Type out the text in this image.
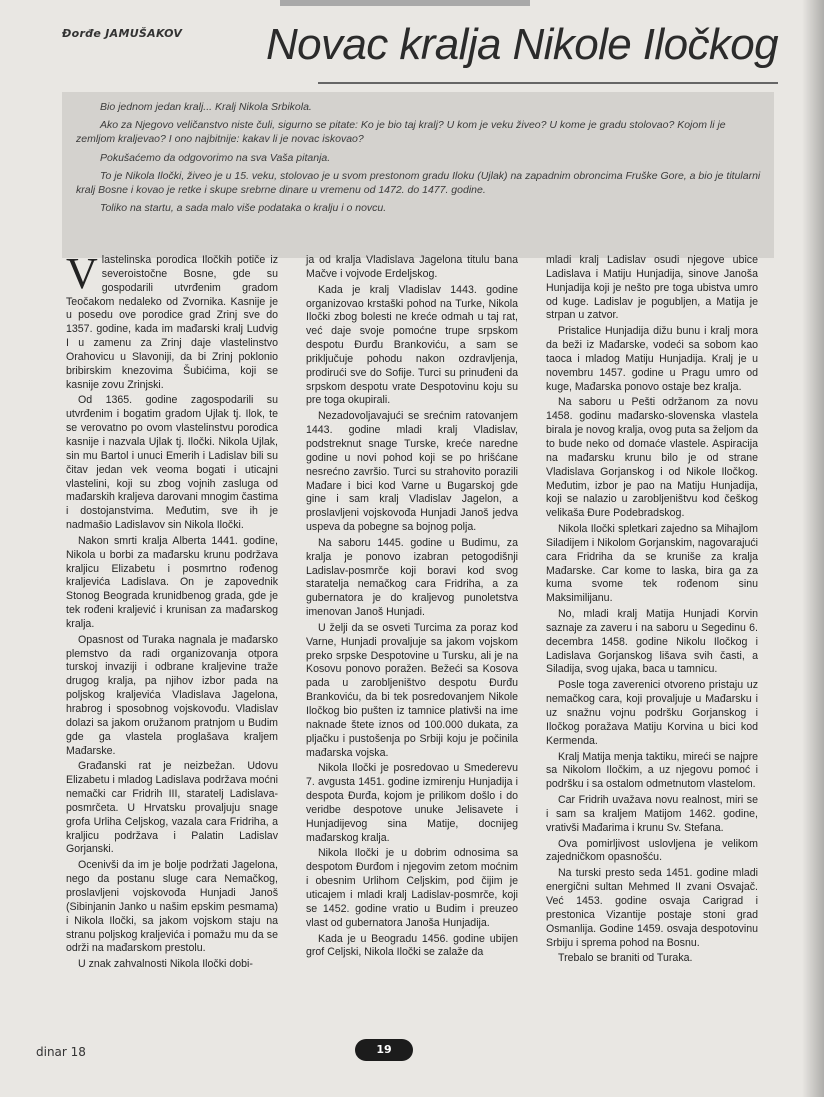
Đorđe JAMUŠAKOV Novac kralja Nikole Iločkog

Bio jednom jedan kralj... Kralj Nikola Srbikola.

Ako za Njegovo veličanstvo niste čuli, sigurno se pitate: Ko je bio taj kralj? U kom je veku živeo? U kome je gradu stolovao? Kojom li je zemljom kraljevao? I ono najbitnije: kakav li je novac iskovao?

Pokušaćemo da odgovorimo na sva Vaša pitanja.

To je Nikola Iločki, živeo je u 15. veku, stolovao je u svom prestonom gradu Iloku (Ujlak) na zapadnim obroncima Fruške Gore, a bio je titularni kralj Bosne i kovao je retke i skupe srebrne dinare u vremenu od 1472. do 1477. godine.

Toliko na startu, a sada malo više podataka o kralju i o novcu.

Vlastelinska porodica Iločkih potiče iz severoistočne Bosne, gde su gospodarili utvrđenim gradom Teočakom nedaleko od Zvornika. Kasnije je u posedu ove porodice grad Zrinj sve do 1357. godine, kada im mađarski kralj Ludvig I u zamenu za Zrinj daje vlastelinstvo Orahovicu u Slavoniji, da bi Zrinj poklonio bribirskim knezovima Šubićima, koji se kasnije zovu Zrinjski.

Od 1365. godine zagospodarili su utvrđenim i bogatim gradom Ujlak tj. Ilok, te se verovatno po ovom vlastelinstvu porodica kasnije i nazvala Ujlak tj. Iločki. Nikola Ujlak, sin mu Bartol i unuci Emerih i Ladislav bili su čitav jedan vek veoma bogati i uticajni vlastelini, koji su zbog vojnih zasluga od mađarskih kraljeva darovani mnogim častima i dostojanstvima. Međutim, sve ih je nadmašio Ladislavov sin Nikola Iločki.

Nakon smrti kralja Alberta 1441. godine, Nikola u borbi za mađarsku krunu podržava kraljicu Elizabetu i posmrtno rođenog kraljevića Ladislava. On je zapovednik Stonog Beograda krunidbenog grada, gde je tek rođeni kraljević i krunisan za mađarskog kralja.

Opasnost od Turaka nagnala je mađarsko plemstvo da radi organizovanja otpora turskoj invaziji i odbrane kraljevine traže drugog kralja, pa njihov izbor pada na poljskog kraljevića Vladislava Jagelona, hrabrog i sposobnog vojskovođu. Vladislav dolazi sa jakom oružanom pratnjom u Budim gde ga vlastela proglašava kraljem Mađarske.

Građanski rat je neizbežan. Udovu Elizabetu i mladog Ladislava podržava moćni nemački car Fridrih III, staratelj Ladislava-posmrčeta. U Hrvatsku provaljuju snage grofa Urliha Celjskog, vazala cara Fridriha, a kraljicu podržava i Palatin Ladislav Gorjanski.

Ocenivši da im je bolje podržati Jagelona, nego da postanu sluge cara Nemačkog, proslavljeni vojskovođa Hunjadi Janoš (Sibinjanin Janko u našim epskim pesmama) i Nikola Iločki, sa jakom vojskom staju na stranu poljskog kraljevića i pomažu mu da se održi na mađarskom prestolu.

U znak zahvalnosti Nikola Iločki dobi-

ja od kralja Vladislava Jagelona titulu bana Mačve i vojvode Erdeljskog.

Kada je kralj Vladislav 1443. godine organizovao krstaški pohod na Turke, Nikola Iločki zbog bolesti ne kreće odmah u taj rat, već daje svoje pomoćne trupe srpskom despotu Đurđu Brankoviću, a sam se priključuje pohodu nakon ozdravljenja, prodirući sve do Sofije. Turci su prinuđeni da srpskom despotu vrate Despotovinu koju su pre toga okupirali.

Nezadovoljavajući se srećnim ratovanjem 1443. godine mladi kralj Vladislav, podstreknut snage Turske, kreće naredne godine u novi pohod koji se po hrišćane nesrećno završio. Turci su strahovito porazili Mađare i bici kod Varne u Bugarskoj gde gine i sam kralj Vladislav Jagelon, a proslavljeni vojskovođa Hunjadi Janoš jedva uspeva da pobegne sa bojnog polja.

Na saboru 1445. godine u Budimu, za kralja je ponovo izabran petogodišnji Ladislav-posmrče koji boravi kod svog staratelja nemačkog cara Fridriha, a za gubernatora je do kraljevog punoletstva imenovan Janoš Hunjadi.

U želji da se osveti Turcima za poraz kod Varne, Hunjadi provaljuje sa jakom vojskom preko srpske Despotovine u Tursku, ali je na Kosovu ponovo poražen. Bežeći sa Kosova pada u zarobljeništvo despotu Đurđu Brankoviću, da bi tek posredovanjem Nikole Iločkog bio pušten iz tamnice plativši na ime naknade štete iznos od 100.000 dukata, za pljačku i pustošenja po Srbiji koju je počinila mađarska vojska.

Nikola Iločki je posredovao u Smederevu 7. avgusta 1451. godine izmirenju Hunjadija i despota Đurđa, kojom je prilikom došlo i do veridbe despotove unuke Jelisavete i Hunjadijevog sina Matije, docnijeg mađarskog kralja.

Nikola Iločki je u dobrim odnosima sa despotom Đurđom i njegovim zetom moćnim i obesnim Urlihom Celjskim, pod čijim je uticajem i mladi kralj Ladislav-posmrče, koji se 1452. godine vratio u Budim i preuzeo vlast od gubernatora Janoša Hunjadija.

Kada je u Beogradu 1456. godine ubijen grof Celjski, Nikola Iločki se zalaže da

mladi kralj Ladislav osudi njegove ubice Ladislava i Matiju Hunjadija, sinove Janoša Hunjadija koji je nešto pre toga ubistva umro od kuge. Ladislav je pogubljen, a Matija je strpan u zatvor.

Pristalice Hunjadija dižu bunu i kralj mora da beži iz Mađarske, vodeći sa sobom kao taoca i mladog Matiju Hunjadija. Kralj je u novembru 1457. godine u Pragu umro od kuge, Mađarska ponovo ostaje bez kralja.

Na saboru u Pešti održanom za novu 1458. godinu mađarsko-slovenska vlastela birala je novog kralja, ovog puta sa željom da to bude neko od domaće vlastele. Aspiracija na mađarsku krunu bilo je od strane Vladislava Gorjanskog i od Nikole Iločkog. Međutim, izbor je pao na Matiju Hunjadija, koji se nalazio u zarobljeništvu kod češkog velikaša Đure Podebradskog.

Nikola Iločki spletkari zajedno sa Mihajlom Siladijem i Nikolom Gorjanskim, nagovarajući cara Fridriha da se kruniše za kralja Mađarske. Car kome to laska, bira ga za kuma svome tek rođenom sinu Maksimilijanu.

No, mladi kralj Matija Hunjadi Korvin saznaje za zaveru i na saboru u Segedinu 6. decembra 1458. godine Nikolu Iločkog i Ladislava Gorjanskog lišava svih časti, a Siladija, svog ujaka, baca u tamnicu.

Posle toga zaverenici otvoreno pristaju uz nemačkog cara, koji provaljuje u Mađarsku i uz snažnu vojnu podršku Gorjanskog i Iločkog poražava Matiju Korvina u bici kod Kermenda.

Kralj Matija menja taktiku, mireći se najpre sa Nikolom Iločkim, a uz njegovu pomoć i podršku i sa ostalom odmetnutom vlastelom.

Car Fridrih uvažava novu realnost, miri se i sam sa kraljem Matijom 1462. godine, vrativši Mađarima i krunu Sv. Stefana.

Ova pomirljivost uslovljena je velikom zajedničkom opasnošću.

Na turski presto seda 1451. godine mladi energični sultan Mehmed II zvani Osvajač. Već 1453. godine osvaja Carigrad i prestonica Vizantije postaje stoni grad Osmanlija. Godine 1459. osvaja despotovinu Srbiju i sprema pohod na Bosnu.

Trebalo se braniti od Turaka.

dinar 18	19
